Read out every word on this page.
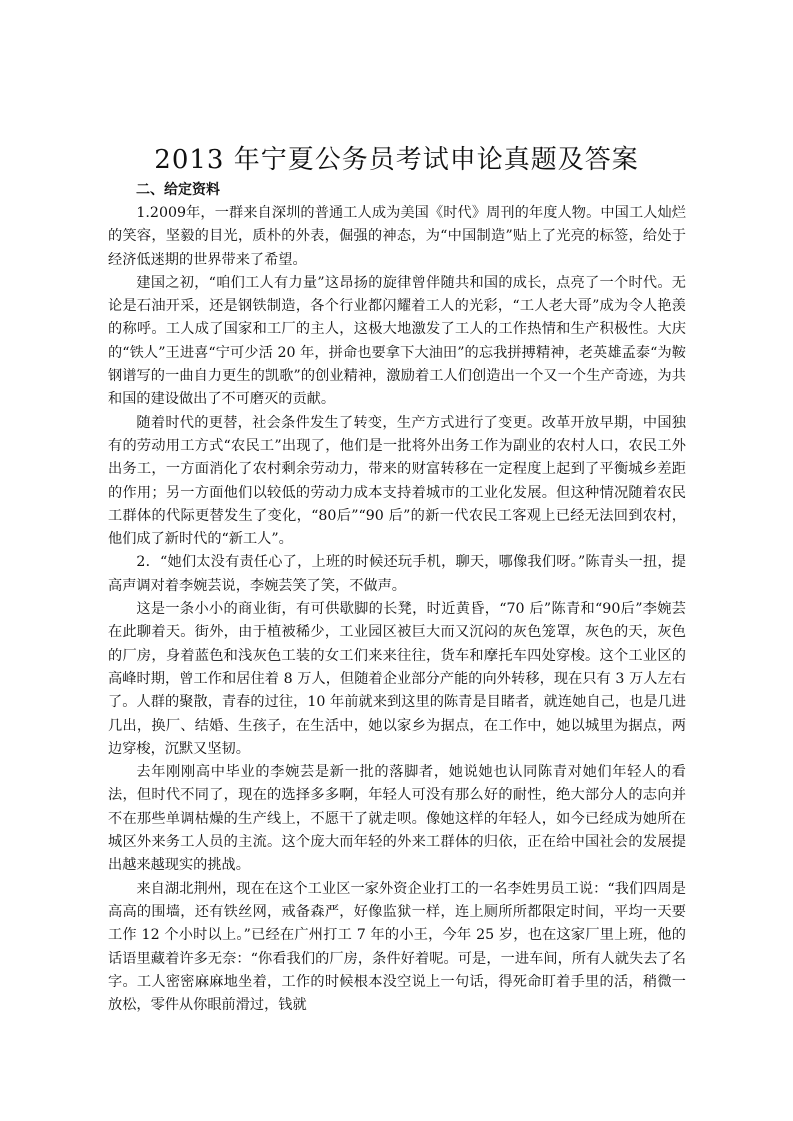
2013 年宁夏公务员考试申论真题及答案
二、给定资料

1.2009年，一群来自深圳的普通工人成为美国《时代》周刊的年度人物。中国工人灿烂的笑容，坚毅的目光，质朴的外表，倔强的神态，为“中国制造”贴上了光亮的标签，给处于经济低迷期的世界带来了希望。

建国之初，“咱们工人有力量”这昂扬的旋律曾伴随共和国的成长，点亮了一个时代。无论是石油开采，还是钢铁制造，各个行业都闪耀着工人的光彩，“工人老大哥”成为令人艳羡的称呼。工人成了国家和工厂的主人，这极大地激发了工人的工作热情和生产积极性。大庆的“铁人”王进喜“宁可少活 20 年，拼命也要拿下大油田”的忘我拼搏精神，老英雄孟泰“为鞍钢谱写的一曲自力更生的凯歌”的创业精神，激励着工人们创造出一个又一个生产奇迹，为共和国的建设做出了不可磨灭的贡献。

随着时代的更替，社会条件发生了转变，生产方式进行了变更。改革开放早期，中国独有的劳动用工方式“农民工”出现了，他们是一批将外出务工作为副业的农村人口，农民工外出务工，一方面消化了农村剩余劳动力，带来的财富转移在一定程度上起到了平衡城乡差距的作用；另一方面他们以较低的劳动力成本支持着城市的工业化发展。但这种情况随着农民工群体的代际更替发生了变化，“80后”“90 后”的新一代农民工客观上已经无法回到农村，他们成了新时代的“新工人”。

2．“她们太没有责任心了，上班的时候还玩手机，聊天，哪像我们呀。”陈青头一扭，提高声调对着李婉芸说，李婉芸笑了笑，不做声。

这是一条小小的商业街，有可供歇脚的长凳，时近黄昏，“70 后”陈青和“90后”李婉芸在此聊着天。街外，由于植被稀少，工业园区被巨大而又沉闷的灰色笼罩，灰色的天，灰色的厂房，身着蓝色和浅灰色工装的女工们来来往往，货车和摩托车四处穿梭。这个工业区的高峰时期，曾工作和居住着 8 万人，但随着企业部分产能的向外转移，现在只有 3 万人左右了。人群的聚散，青春的过往，10 年前就来到这里的陈青是目睹者，就连她自己，也是几进几出，换厂、结婚、生孩子，在生活中，她以家乡为据点，在工作中，她以城里为据点，两边穿梭，沉默又坚韧。

去年刚刚高中毕业的李婉芸是新一批的落脚者，她说她也认同陈青对她们年轻人的看法，但时代不同了，现在的选择多多啊，年轻人可没有那么好的耐性，绝大部分人的志向并不在那些单调枯燥的生产线上，不愿干了就走呗。像她这样的年轻人，如今已经成为她所在城区外来务工人员的主流。这个庞大而年轻的外来工群体的归依，正在给中国社会的发展提出越来越现实的挑战。

来自湖北荆州，现在在这个工业区一家外资企业打工的一名李姓男员工说：“我们四周是高高的围墙，还有铁丝网，戒备森严，好像监狱一样，连上厕所所都限定时间，平均一天要工作 12 个小时以上。”已经在广州打工 7 年的小王，今年 25 岁，也在这家厂里上班，他的话语里藏着许多无奈：“你看我们的厂房，条件好着呢。可是，一进车间，所有人就失去了名字。工人密密麻麻地坐着，工作的时候根本没空说上一句话，得死命盯着手里的活，稍微一放松，零件从你眼前滑过，钱就
